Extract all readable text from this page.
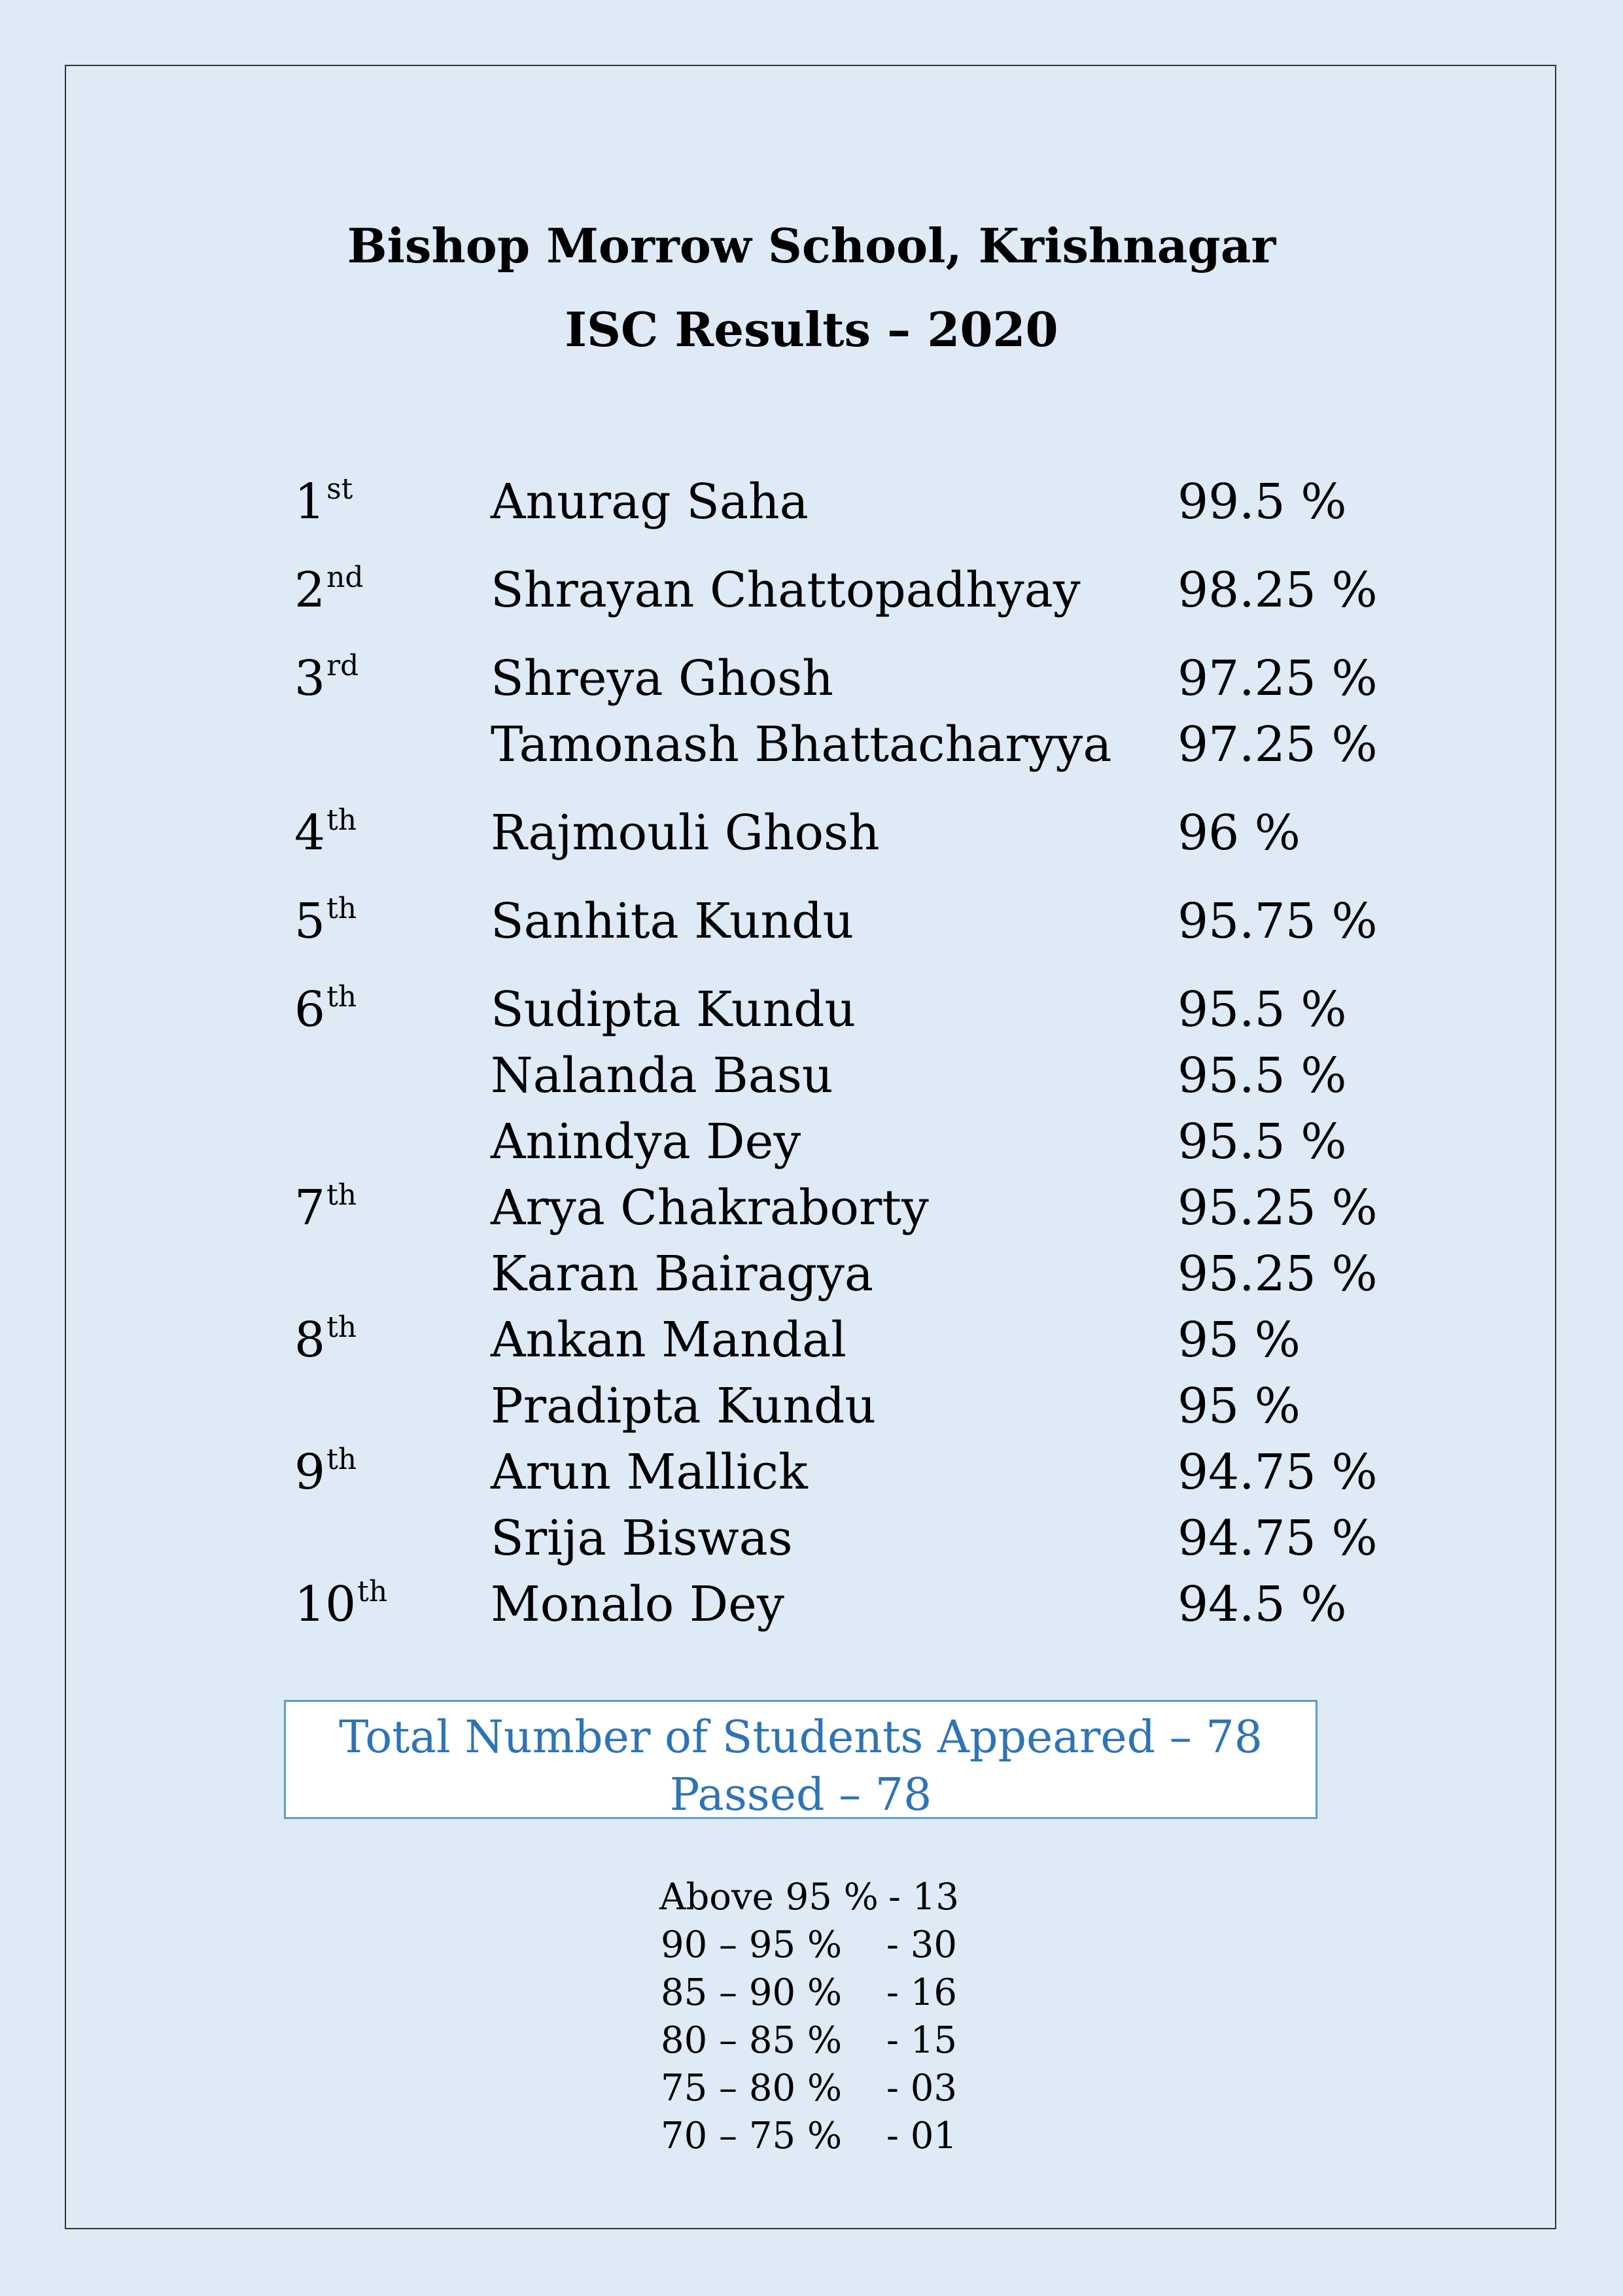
Bishop Morrow School, Krishnagar
ISC Results – 2020
1st	Anurag Saha	99.5 %
2nd	Shrayan Chattopadhyay 98.25 %
3rd	Shreya Ghosh	97.25 %
Tamonash Bhattacharyya 97.25 %
4th	Rajmouli Ghosh	96 %
5th	Sanhita Kundu	95.75 %
6th	Sudipta Kundu	95.5 %
Nalanda Basu	95.5 %
Anindya Dey	95.5 %
7th	Arya Chakraborty	95.25 %
Karan Bairagya	95.25 %
8th	Ankan Mandal	95 %
Pradipta Kundu	95 %
9th	Arun Mallick	94.75 %
Srija Biswas	94.75 %
10th Monalo Dey	94.5 %
Total Number of Students Appeared – 78
Passed – 78
Above 95 % - 13
90 – 95 % - 30
85 – 90 % - 16
80 – 85 % - 15
75 – 80 % - 03
70 – 75 % - 01
